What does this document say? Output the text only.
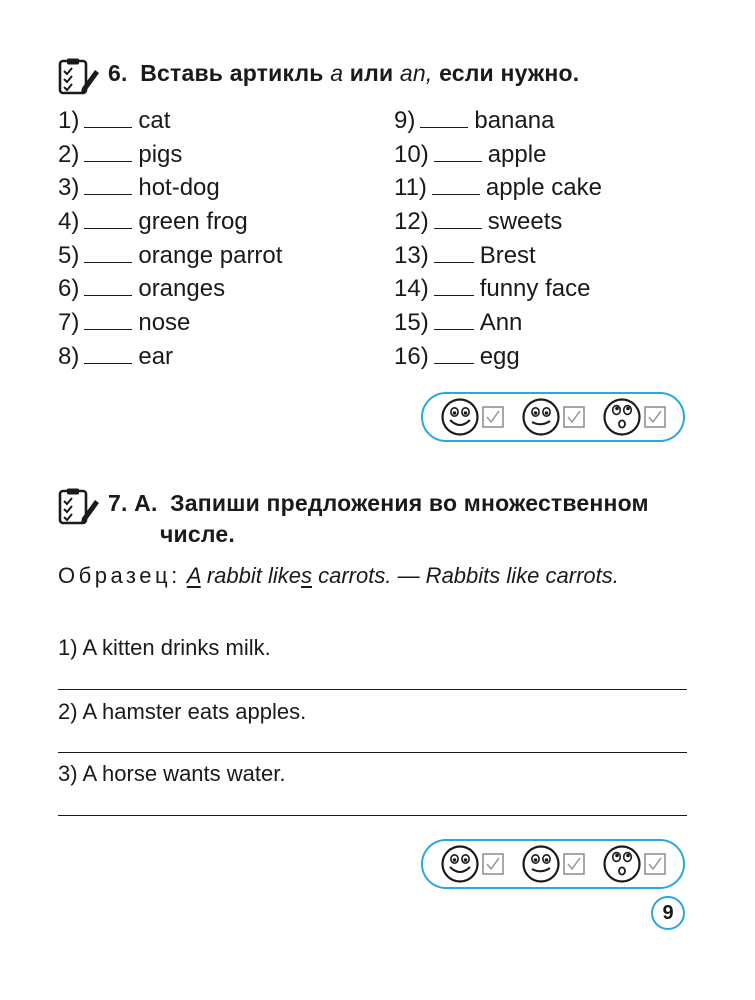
6. Вставь артикль a или an, если нужно.
1) cat
2) pigs
3) hot-dog
4) green frog
5) orange parrot
6) oranges
7) nose
8) ear
9) banana
10) apple
11) apple cake
12) sweets
13) Brest
14) funny face
15) Ann
16) egg
7. А. Запиши предложения во множественном
числе.
Образец: A rabbit likes carrots. — Rabbits like carrots.
1) A kitten drinks milk.
2) A hamster eats apples.
3) A horse wants water.
9
